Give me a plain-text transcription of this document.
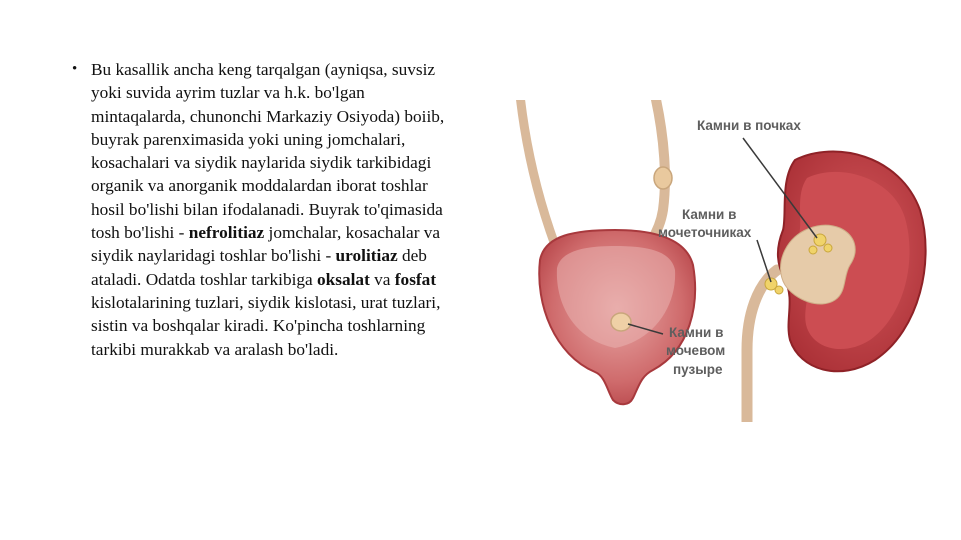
• Bu kasallik ancha keng tarqalgan (ayniqsa, suvsiz yoki suvida ayrim tuzlar va h.k. bo'lgan mintaqalarda, chunonchi Markaziy Osiyoda) boiib, buyrak parenximasida yoki uning jomchalari, kosachalari va siydik naylarida siydik tarkibidagi organik va anorganik moddalardan iborat toshlar hosil bo'lishi bilan ifodalanadi. Buyrak to'qimasida tosh bo'lishi - nefrolitiaz jomchalar, kosachalar va siydik naylaridagi toshlar bo'lishi - urolitiaz deb ataladi. Odatda toshlar tarkibiga oksalat va fosfat kislotalarining tuzlari, siydik kislotasi, urat tuzlari, sistin va boshqalar kiradi. Ko'pincha toshlarning tarkibi murakkab va aralash bo'ladi.
Камни в почках
Камни в
мочеточниках
Камни в
мочевом
пузыре
